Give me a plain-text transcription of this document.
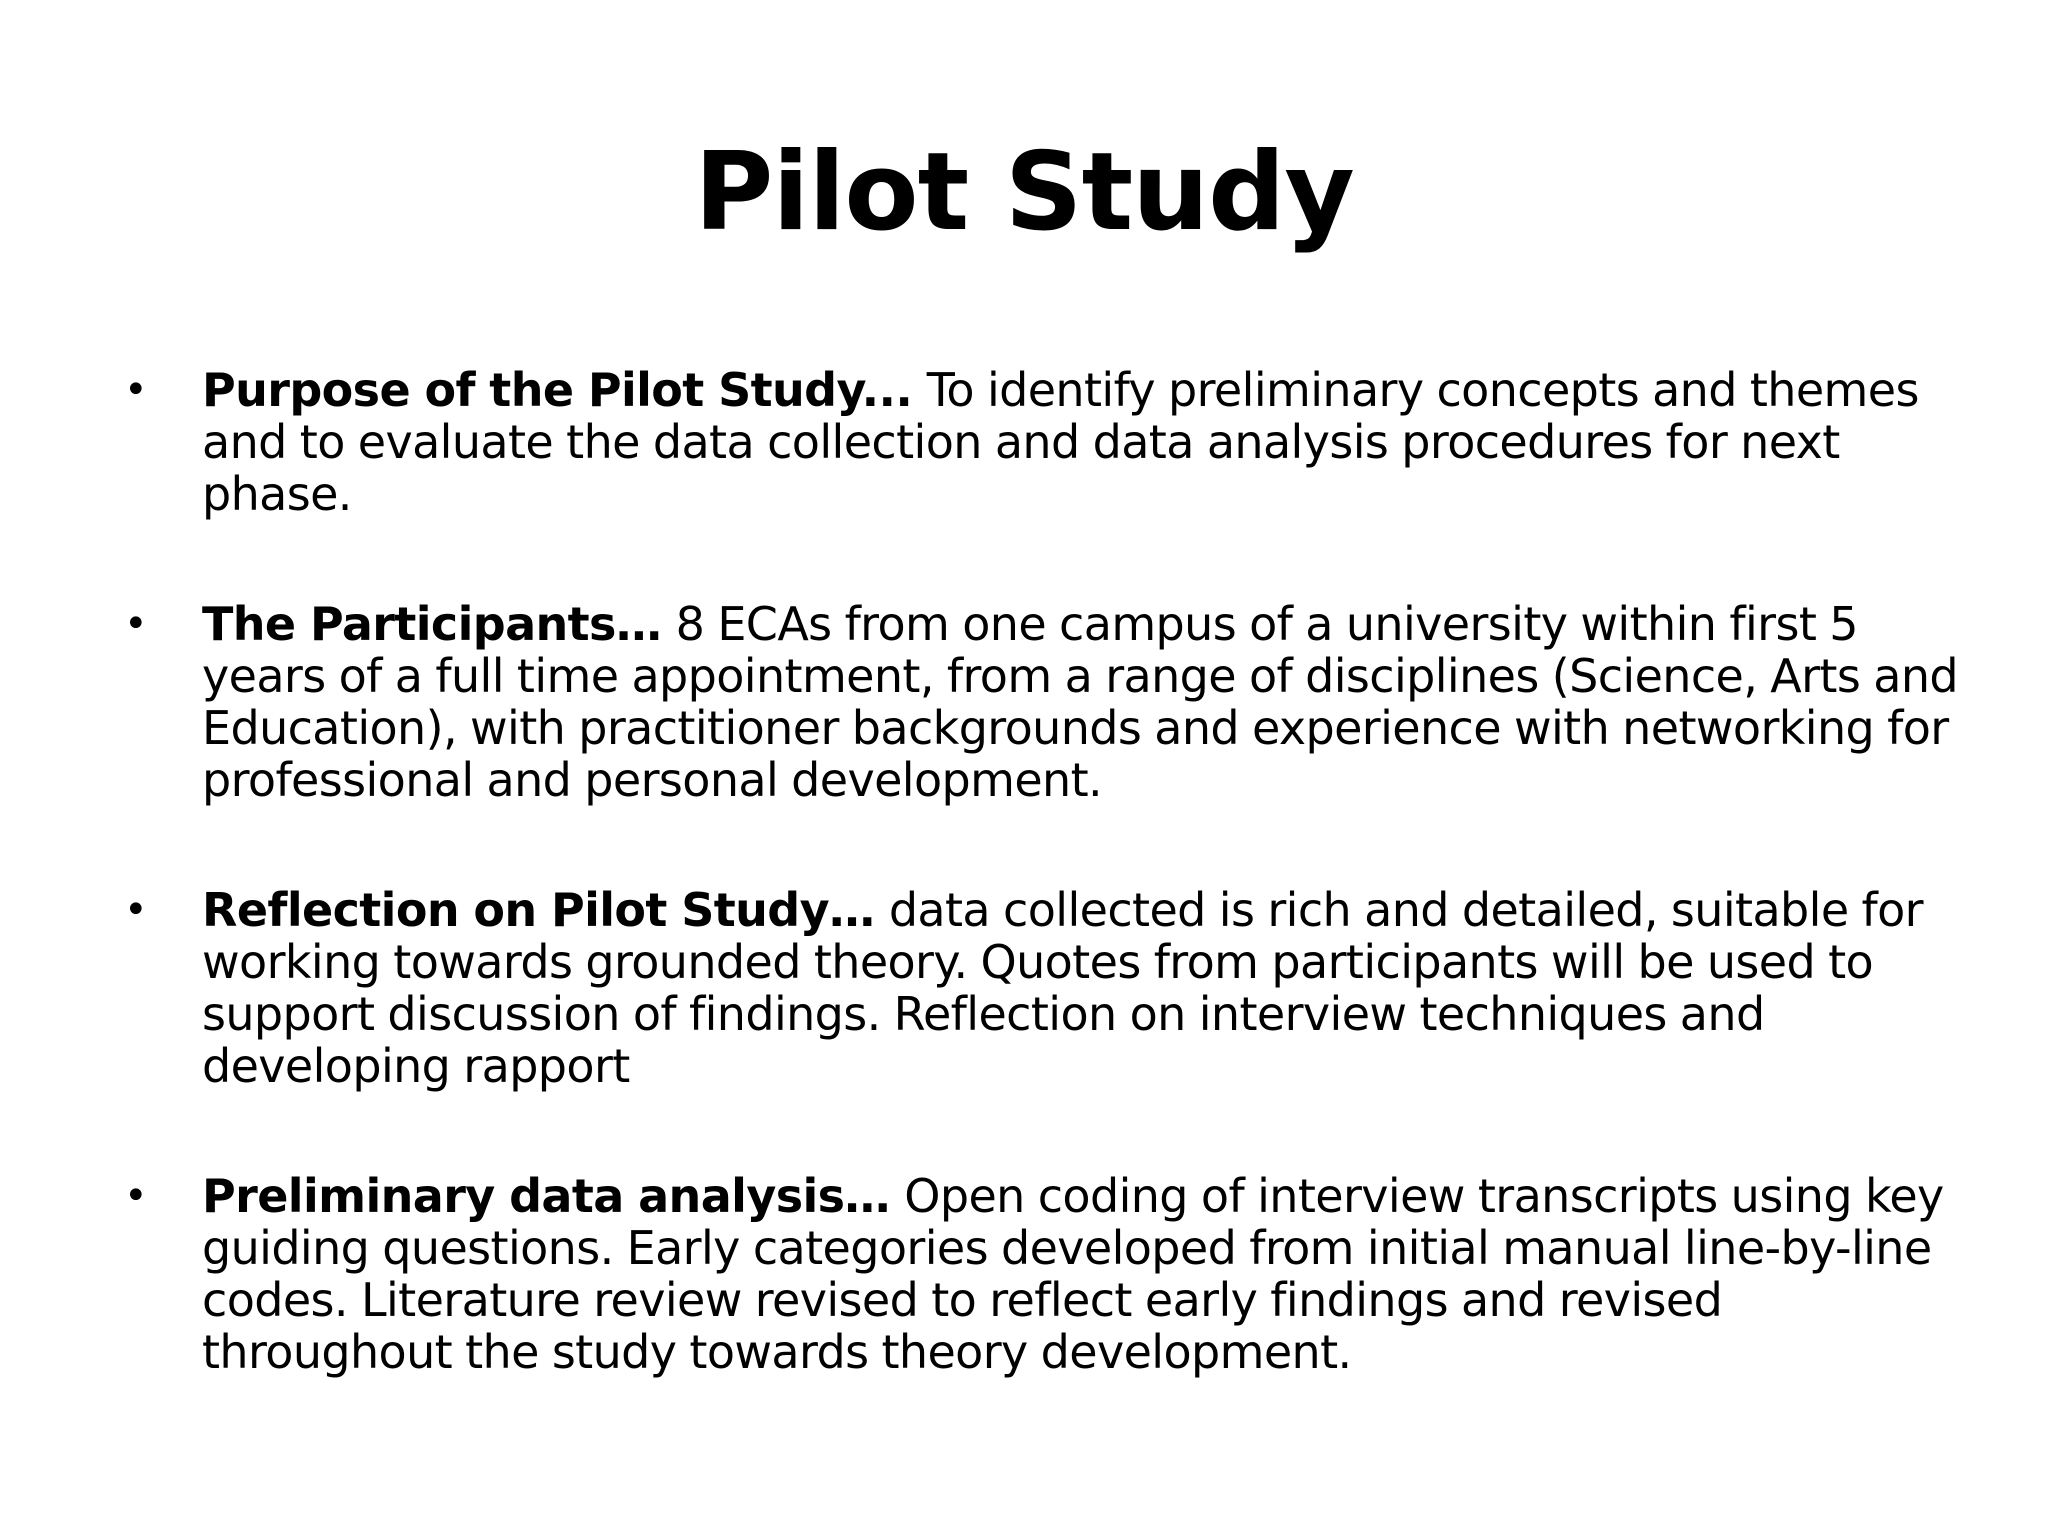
Pilot Study
• Purpose of the Pilot Study... To identify preliminary concepts and themes and to evaluate the data collection and data analysis procedures for next phase.
• The Participants… 8 ECAs from one campus of a university within first 5 years of a full time appointment, from a range of disciplines (Science, Arts and Education), with practitioner backgrounds and experience with networking for professional and personal development.
• Reflection on Pilot Study… data collected is rich and detailed, suitable for working towards grounded theory. Quotes from participants will be used to support discussion of findings. Reflection on interview techniques and developing rapport
• Preliminary data analysis… Open coding of interview transcripts using key guiding questions. Early categories developed from initial manual line-by-line codes. Literature review revised to reflect early findings and revised throughout the study towards theory development.
